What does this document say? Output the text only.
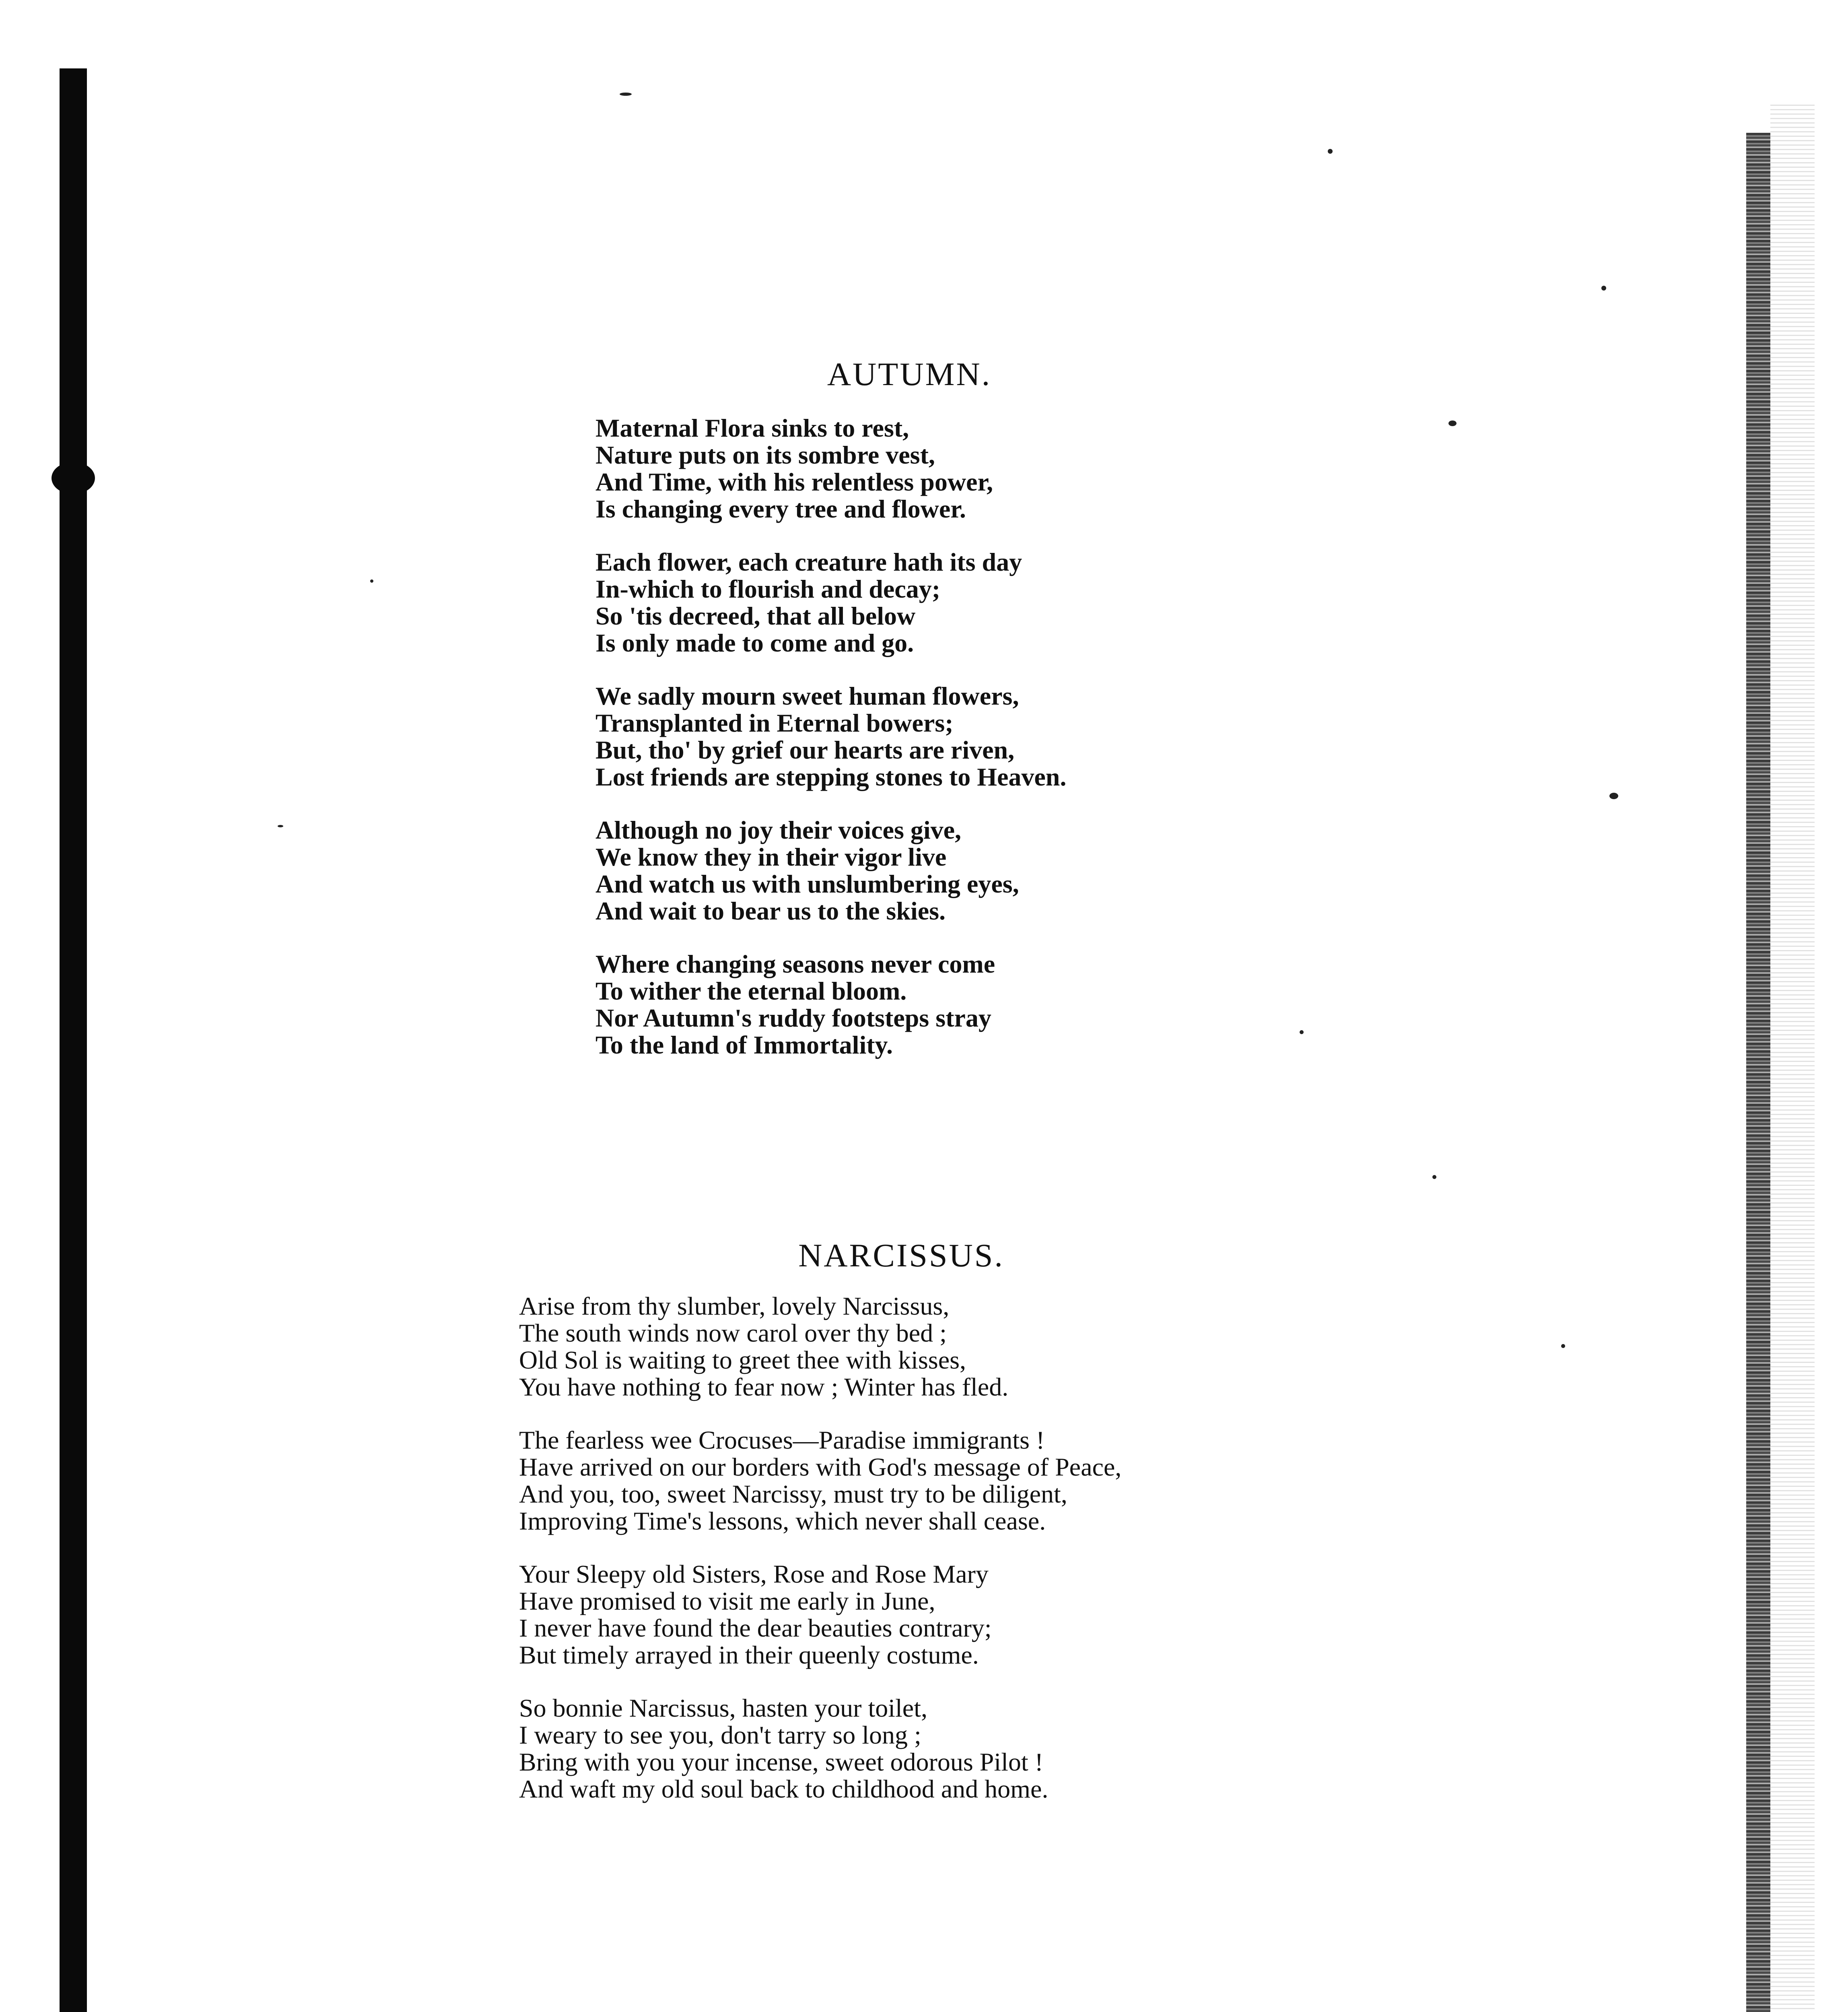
AUTUMN.
Maternal Flora sinks to rest,
Nature puts on its sombre vest,
And Time, with his relentless power,
Is changing every tree and flower.
Each flower, each creature hath its day
In-which to flourish and decay;
So 'tis decreed, that all below
Is only made to come and go.
We sadly mourn sweet human flowers,
Transplanted in Eternal bowers;
But, tho' by grief our hearts are riven,
Lost friends are stepping stones to Heaven.
Although no joy their voices give,
We know they in their vigor live
And watch us with unslumbering eyes,
And wait to bear us to the skies.
Where changing seasons never come
To wither the eternal bloom.
Nor Autumn's ruddy footsteps stray
To the land of Immortality.
NARCISSUS.
Arise from thy slumber, lovely Narcissus,
The south winds now carol over thy bed ;
Old Sol is waiting to greet thee with kisses,
You have nothing to fear now ; Winter has fled.
The fearless wee Crocuses—Paradise immigrants !
Have arrived on our borders with God's message of Peace,
And you, too, sweet Narcissy, must try to be diligent,
Improving Time's lessons, which never shall cease.
Your Sleepy old Sisters, Rose and Rose Mary
Have promised to visit me early in June,
I never have found the dear beauties contrary;
But timely arrayed in their queenly costume.
So bonnie Narcissus, hasten your toilet,
I weary to see you, don't tarry so long ;
Bring with you your incense, sweet odorous Pilot !
And waft my old soul back to childhood and home.
